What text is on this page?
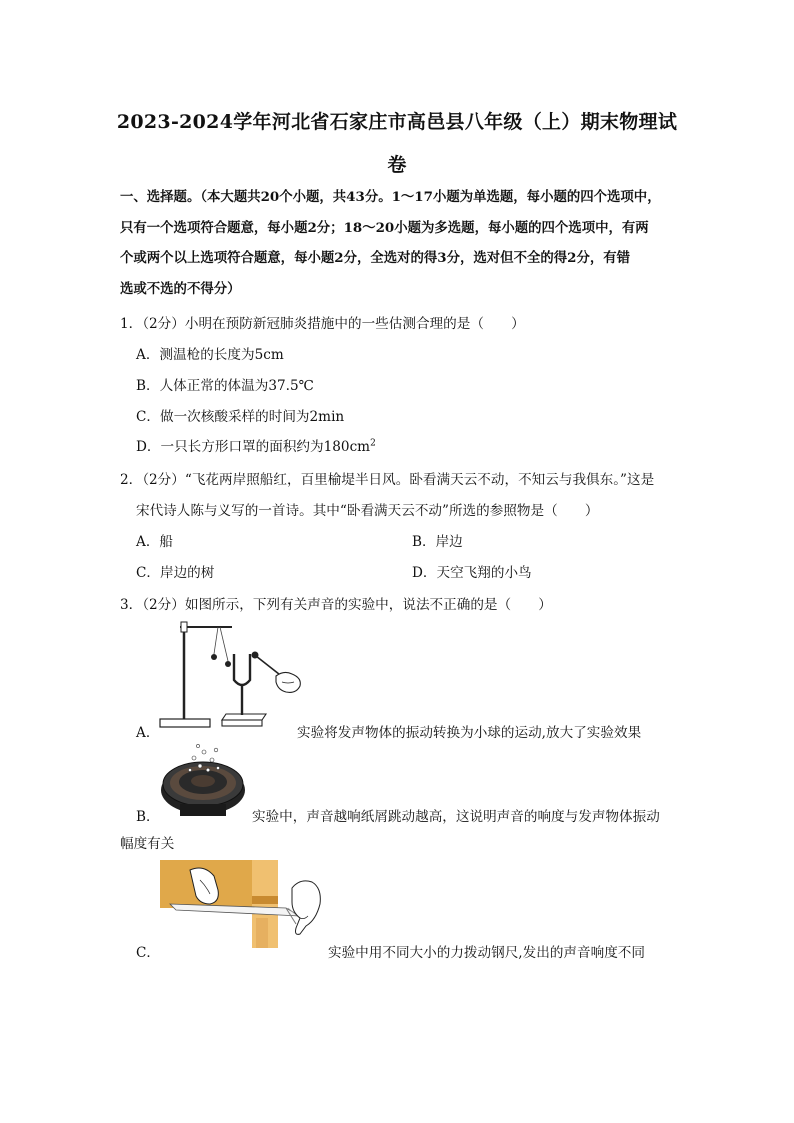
2023-2024学年河北省石家庄市高邑县八年级（上）期末物理试
卷
一、选择题。（本大题共20个小题，共43分。1～17小题为单选题，每小题的四个选项中，
只有一个选项符合题意，每小题2分；18～20小题为多选题，每小题的四个选项中，有两
个或两个以上选项符合题意，每小题2分，全选对的得3分，选对但不全的得2分，有错
选或不选的不得分）
1．（2分）小明在预防新冠肺炎措施中的一些估测合理的是（　　）
A．测温枪的长度为5cm
B．人体正常的体温为37.5℃
C．做一次核酸采样的时间为2min
D．一只长方形口罩的面积约为$180cm^2$
2．（2分）“飞花两岸照船红，百里榆堤半日风。卧看满天云不动，不知云与我俱东。”这是
宋代诗人陈与义写的一首诗。其中“卧看满天云不动”所选的参照物是（　　）
A．船	B．岸边
C．岸边的树	D．天空飞翔的小鸟
3．（2分）如图所示，下列有关声音的实验中，说法不正确的是（　　）
A．	实验将发声物体的振动转换为小球的运动,放大了实验效果
B．	实验中，声音越响纸屑跳动越高，这说明声音的响度与发声物体振动
幅度有关
C．	实验中用不同大小的力拨动钢尺,发出的声音响度不同
